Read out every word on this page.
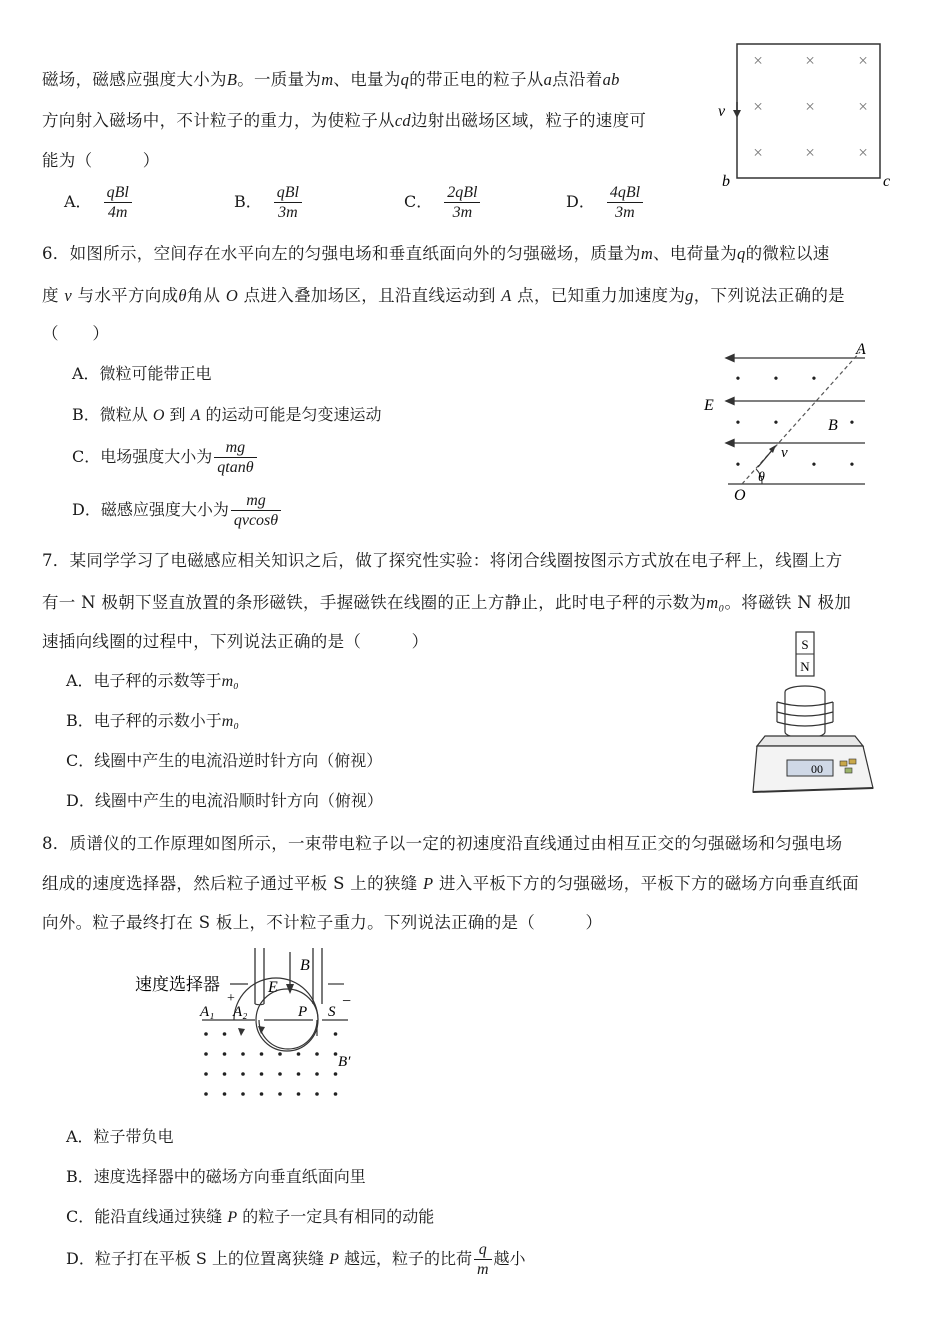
磁场，磁感应强度大小为B。一质量为m、电量为q的带正电的粒子从a点沿着ab
方向射入磁场中，不计粒子的重力，为使粒子从cd边射出磁场区域，粒子的速度可
能为（　　　）
A． $\frac{\text{qBl}}{4m}$	B． $\frac{\text{qBl}}{3m}$	C． $\frac{\text{2qBl}}{3m}$	D． $\frac{\text{4qBl}}{3m}$
v
b	c
× ×	×
× ×	×
× ×	×
6．如图所示，空间存在水平向左的匀强电场和垂直纸面向外的匀强磁场，质量为m、电荷量为q的微粒以速
度 v 与水平方向成θ角从 O 点进入叠加场区，且沿直线运动到 A 点，已知重力加速度为g，下列说法正确的是
（　　）
A．微粒可能带正电
B．微粒从 O 到 A 的运动可能是匀变速运动
C．电场强度大小为 $\frac{mg}{qtan\theta}$
D．磁感应强度大小为 $\frac{mg}{qvcos\theta}$
• • •
• •	•
•	• •
A
E
B
v
θ
O
7．某同学学习了电磁感应相关知识之后，做了探究性实验：将闭合线圈按图示方式放在电子秤上，线圈上方
有一 N 极朝下竖直放置的条形磁铁，手握磁铁在线圈的正上方静止，此时电子秤的示数为m₀。将磁铁 N 极加
速插向线圈的过程中，下列说法正确的是（　　　）
A．电子秤的示数等于m₀
B．电子秤的示数小于m₀
C．线圈中产生的电流沿逆时针方向（俯视）
D．线圈中产生的电流沿顺时针方向（俯视）
S
N
00
8．质谱仪的工作原理如图所示，一束带电粒子以一定的初速度沿直线通过由相互正交的匀强磁场和匀强电场
组成的速度选择器，然后粒子通过平板 S 上的狭缝 P 进入平板下方的匀强磁场，平板下方的磁场方向垂直纸面
向外。粒子最终打在 S 板上，不计粒子重力。下列说法正确的是（　　　）
速度选择器
+	−
B
E
A₁ A₂	P S
B′
A．粒子带负电
B．速度选择器中的磁场方向垂直纸面向里
C．能沿直线通过狭缝 P 的粒子一定具有相同的动能
D．粒子打在平板 S 上的位置离狭缝 P 越远，粒子的比荷 $\frac{q}{m}$ 越小
